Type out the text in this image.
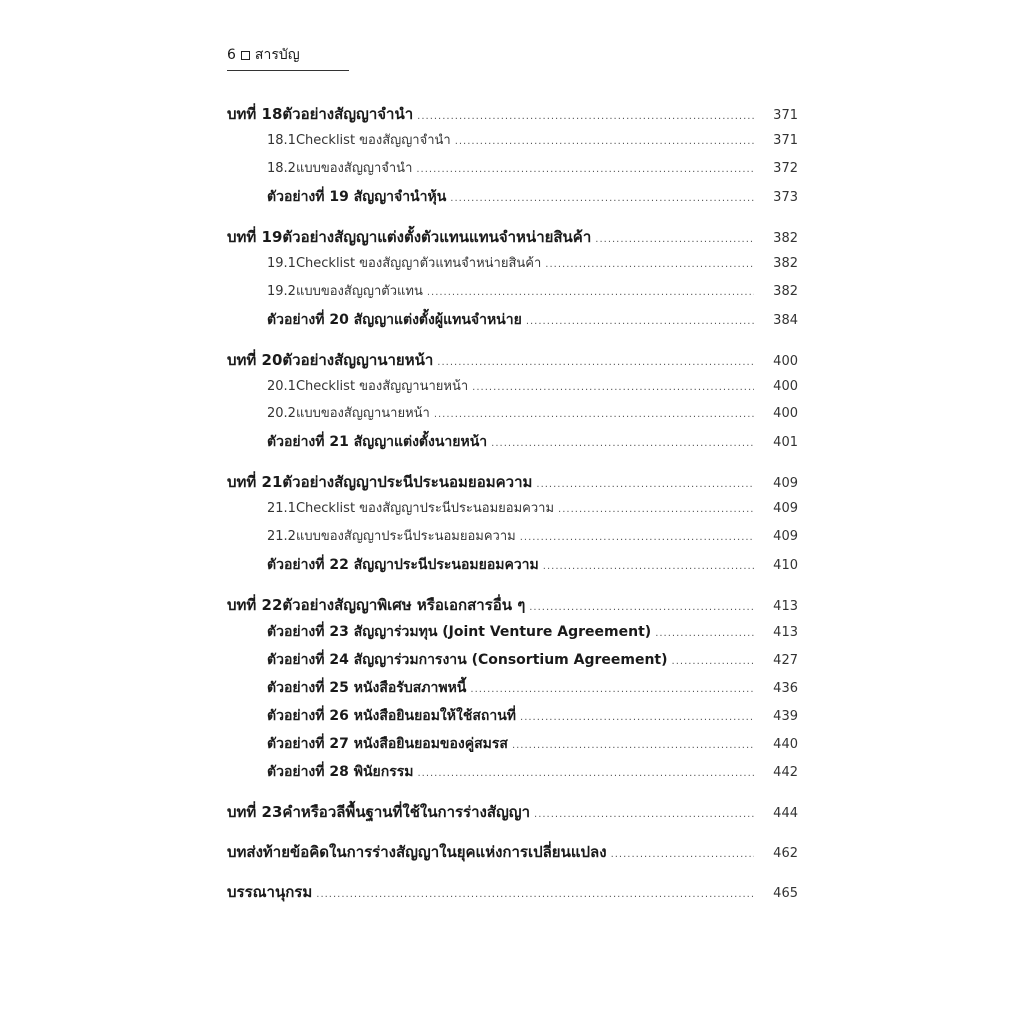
6 สารบัญ
บทที่ 18 ตัวอย่างสัญญาจำนำ .....	371
18.1 Checklist ของสัญญาจำนำ .....	371
18.2 แบบของสัญญาจำนำ .....	372
ตัวอย่างที่ 19 สัญญาจำนำหุ้น .....	373
บทที่ 19 ตัวอย่างสัญญาแต่งตั้งตัวแทนแทนจำหน่ายสินค้า .....	382
19.1 Checklist ของสัญญาตัวแทนจำหน่ายสินค้า .....	382
19.2 แบบของสัญญาตัวแทน .....	382
ตัวอย่างที่ 20 สัญญาแต่งตั้งผู้แทนจำหน่าย .....	384
บทที่ 20 ตัวอย่างสัญญานายหน้า .....	400
20.1 Checklist ของสัญญานายหน้า .....	400
20.2 แบบของสัญญานายหน้า .....	400
ตัวอย่างที่ 21 สัญญาแต่งตั้งนายหน้า .....	401
บทที่ 21 ตัวอย่างสัญญาประนีประนอมยอมความ .....	409
21.1 Checklist ของสัญญาประนีประนอมยอมความ .....	409
21.2 แบบของสัญญาประนีประนอมยอมความ .....	409
ตัวอย่างที่ 22 สัญญาประนีประนอมยอมความ .....	410
บทที่ 22 ตัวอย่างสัญญาพิเศษ หรือเอกสารอื่น ๆ .....	413
ตัวอย่างที่ 23 สัญญาร่วมทุน (Joint Venture Agreement) .....	413
ตัวอย่างที่ 24 สัญญาร่วมการงาน (Consortium Agreement) .....	427
ตัวอย่างที่ 25 หนังสือรับสภาพหนี้ .....	436
ตัวอย่างที่ 26 หนังสือยินยอมให้ใช้สถานที่ .....	439
ตัวอย่างที่ 27 หนังสือยินยอมของคู่สมรส .....	440
ตัวอย่างที่ 28 พินัยกรรม .....	442
บทที่ 23 คำหรือวลีพื้นฐานที่ใช้ในการร่างสัญญา .....	444
บทส่งท้าย ข้อคิดในการร่างสัญญาในยุคแห่งการเปลี่ยนแปลง .....	462
บรรณานุกรม .....	465
